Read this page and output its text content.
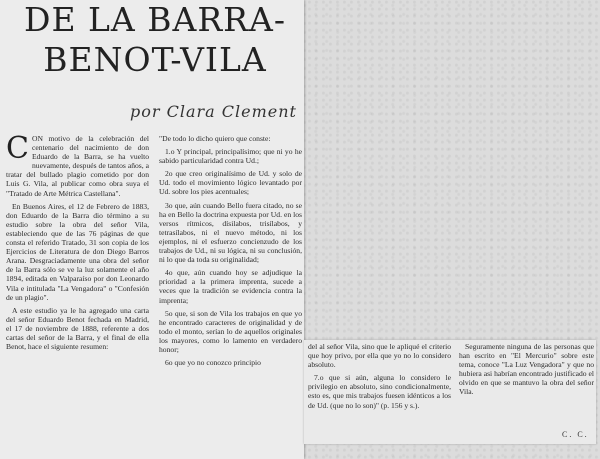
DE LA BARRA-
BENOT-VILA
por Clara Clement

CON motivo de la celebración del centenario del nacimiento de don Eduardo de la Barra, se ha vuelto nuevamente, después de tantos años, a tratar del bullado plagio cometido por don Luis G. Vila, al publicar como obra suya el "Tratado de Arte Métrica Castellana".

En Buenos Aires, el 12 de Febrero de 1883, don Eduardo de la Barra dio término a su estudio sobre la obra del señor Vila, estableciendo que de las 76 páginas de que consta el referido Tratado, 31 son copia de los Ejercicios de Literatura de don Diego Barros Arana. Desgraciadamente una obra del señor de la Barra sólo se ve la luz solamente el año 1894, editada en Valparaíso por don Leonardo Vila e intitulada "La Vengadora" o "Confesión de un plagio".

A este estudio ya le ha agregado una carta del señor Eduardo Benot fechada en Madrid, el 17 de noviembre de 1888, referente a dos cartas del señor de la Barra, y el final de ella Benot, hace el siguiente resumen:

"De todo lo dicho quiero que conste:

1.o Y principal, principalísimo; que ni yo he sabido particularidad contra Ud.;

2o que creo originalísimo de Ud. y solo de Ud. todo el movimiento lógico levantado por Ud. sobre los pies acentuales;

3o que, aún cuando Bello fuera citado, no se ha en Bello la doctrina expuesta por Ud. en los versos rítmicos, dísilabos, trisílabos, y tetrasílabos, ni el nuevo método, ni los ejemplos, ni el esfuerzo concienzudo de los trabajos de Ud., ni su lógica, ni su conclusión, ni lo que da toda su originalidad;

4o que, aún cuando hoy se adjudique la prioridad a la primera imprenta, sucede a veces que la tradición se evidencia contra la imprenta;

5o que, si son de Vila los trabajos en que yo he encontrado caracteres de originalidad y de todo el monto, serían lo de aquellos originales los mayores, como lo lamento en verdadero honor;

6o que yo no conozco principio

del al señor Vila, sino que le apliqué el criterio que hoy privo, por ella que yo no lo considero absoluto.

7.o que si aún, alguna lo considero le privilegio en absoluto, sino condicionalmente, esto es, que mis trabajos fuesen idénticos a los de Ud. (que no lo son)" (p. 156 y s.).

Seguramente ninguna de las personas que han escrito en "El Mercurio" sobre este tema, conoce "La Luz Vengadora" y que no hubiera asi habrían encontrado justificado el olvido en que se mantuvo la obra del señor Vila.

C. C.
